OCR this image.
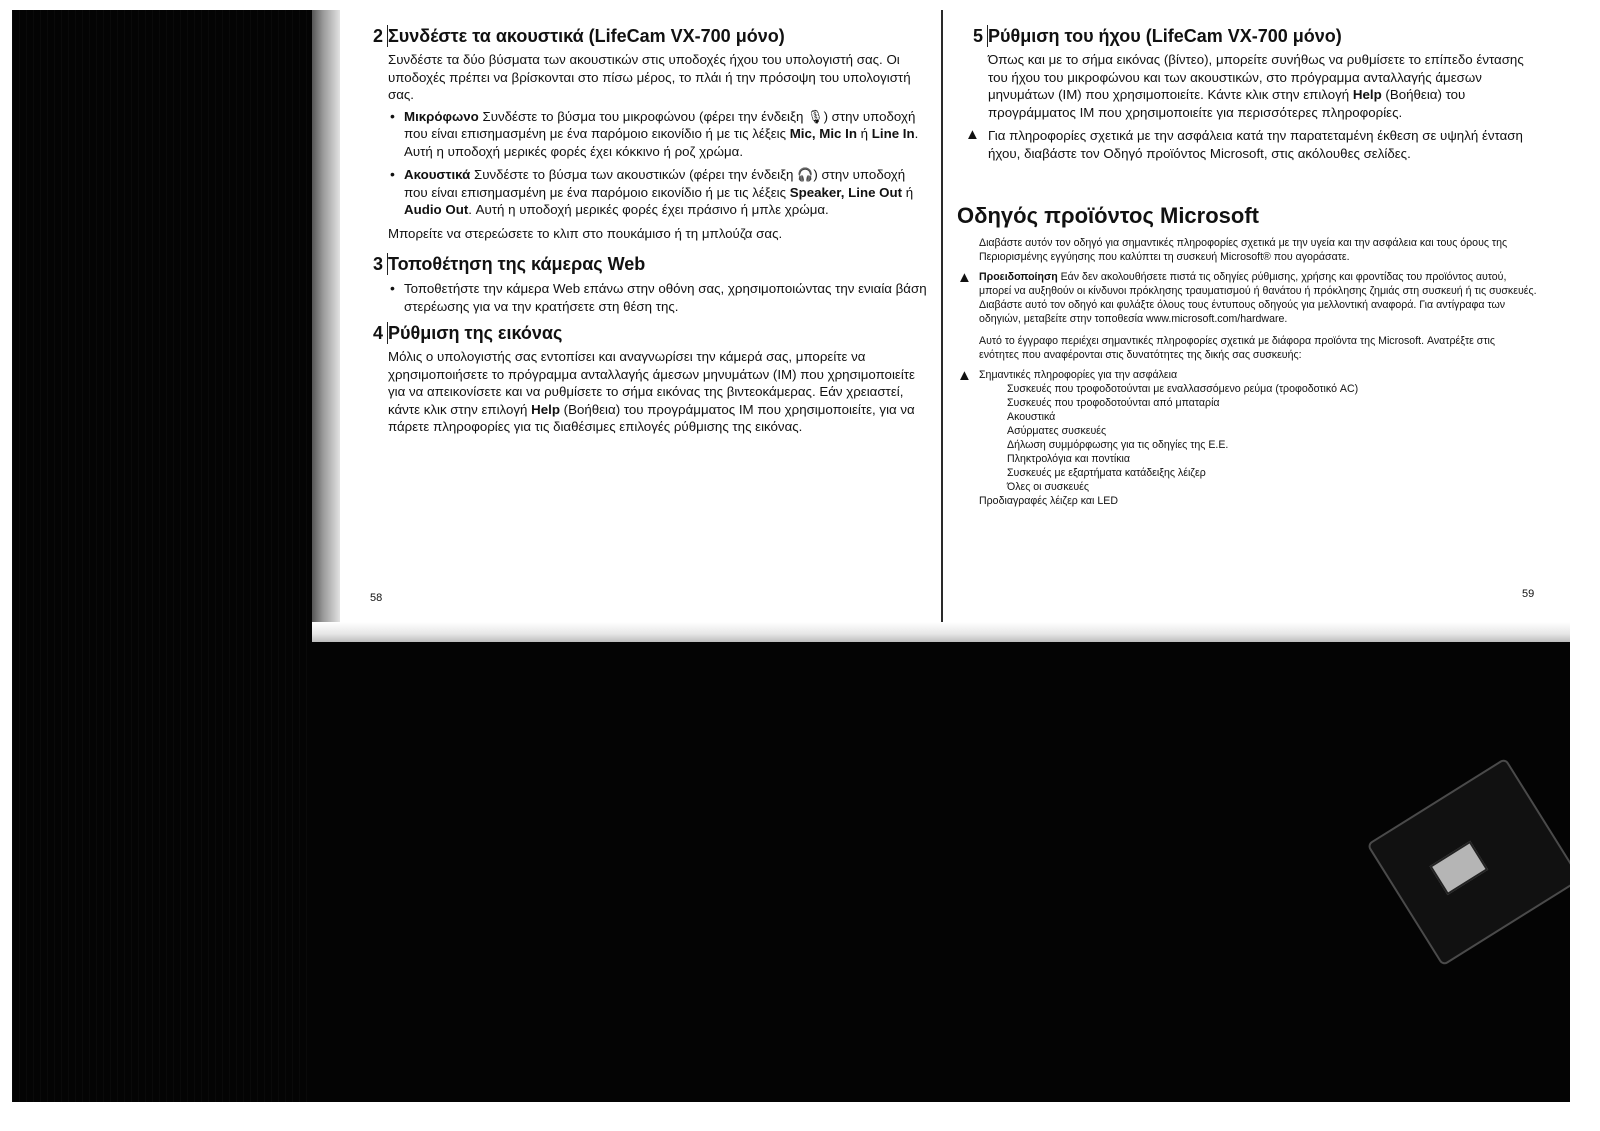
2 Συνδέστε τα ακουστικά (LifeCam VX-700 μόνο)

Συνδέστε τα δύο βύσματα των ακουστικών στις υποδοχές ήχου του υπολογιστή σας. Οι υποδοχές πρέπει να βρίσκονται στο πίσω μέρος, το πλάι ή την πρόσοψη του υπολογιστή σας.

• Μικρόφωνο Συνδέστε το βύσμα του μικροφώνου (φέρει την ένδειξη 🎙) στην υποδοχή που είναι επισημασμένη με ένα παρόμοιο εικονίδιο ή με τις λέξεις Mic, Mic In ή Line In. Αυτή η υποδοχή μερικές φορές έχει κόκκινο ή ροζ χρώμα.
• Ακουστικά Συνδέστε το βύσμα των ακουστικών (φέρει την ένδειξη 🎧) στην υποδοχή που είναι επισημασμένη με ένα παρόμοιο εικονίδιο ή με τις λέξεις Speaker, Line Out ή Audio Out. Αυτή η υποδοχή μερικές φορές έχει πράσινο ή μπλε χρώμα.

Μπορείτε να στερεώσετε το κλιπ στο πουκάμισο ή τη μπλούζα σας.

3 Τοποθέτηση της κάμερας Web
• Τοποθετήστε την κάμερα Web επάνω στην οθόνη σας, χρησιμοποιώντας την ενιαία βάση στερέωσης για να την κρατήσετε στη θέση της.
4 Ρύθμιση της εικόνας

Μόλις ο υπολογιστής σας εντοπίσει και αναγνωρίσει την κάμερά σας, μπορείτε να χρησιμοποιήσετε το πρόγραμμα ανταλλαγής άμεσων μηνυμάτων (IM) που χρησιμοποιείτε για να απεικονίσετε και να ρυθμίσετε το σήμα εικόνας της βιντεοκάμερας. Εάν χρειαστεί, κάντε κλικ στην επιλογή Help (Βοήθεια) του προγράμματος IM που χρησιμοποιείτε, για να πάρετε πληροφορίες για τις διαθέσιμες επιλογές ρύθμισης της εικόνας.

58
5 Ρύθμιση του ήχου (LifeCam VX-700 μόνο)

Όπως και με το σήμα εικόνας (βίντεο), μπορείτε συνήθως να ρυθμίσετε το επίπεδο έντασης του ήχου του μικροφώνου και των ακουστικών, στο πρόγραμμα ανταλλαγής άμεσων μηνυμάτων (IM) που χρησιμοποιείτε. Κάντε κλικ στην επιλογή Help (Βοήθεια) του προγράμματος IM που χρησιμοποιείτε για περισσότερες πληροφορίες.

▲ Για πληροφορίες σχετικά με την ασφάλεια κατά την παρατεταμένη έκθεση σε υψηλή ένταση ήχου, διαβάστε τον Οδηγό προϊόντος Microsoft, στις ακόλουθες σελίδες.

Οδηγός προϊόντος Microsoft

Διαβάστε αυτόν τον οδηγό για σημαντικές πληροφορίες σχετικά με την υγεία και την ασφάλεια και τους όρους της Περιορισμένης εγγύησης που καλύπτει τη συσκευή Microsoft® που αγοράσατε.

▲ Προειδοποίηση Εάν δεν ακολουθήσετε πιστά τις οδηγίες ρύθμισης, χρήσης και φροντίδας του προϊόντος αυτού, μπορεί να αυξηθούν οι κίνδυνοι πρόκλησης τραυματισμού ή θανάτου ή πρόκλησης ζημιάς στη συσκευή ή τις συσκευές. Διαβάστε αυτό τον οδηγό και φυλάξτε όλους τους έντυπους οδηγούς για μελλοντική αναφορά. Για αντίγραφα των οδηγιών, μεταβείτε στην τοποθεσία www.microsoft.com/hardware.

Αυτό το έγγραφο περιέχει σημαντικές πληροφορίες σχετικά με διάφορα προϊόντα της Microsoft. Ανατρέξτε στις ενότητες που αναφέρονται στις δυνατότητες της δικής σας συσκευής:

▲ Σημαντικές πληροφορίες για την ασφάλεια

Συσκευές που τροφοδοτούνται με εναλλασσόμενο ρεύμα (τροφοδοτικό AC)

Συσκευές που τροφοδοτούνται από μπαταρία

Ακουστικά

Ασύρματες συσκευές

Δήλωση συμμόρφωσης για τις οδηγίες της Ε.Ε.

Πληκτρολόγια και ποντίκια

Συσκευές με εξαρτήματα κατάδειξης λέιζερ

Όλες οι συσκευές

Προδιαγραφές λέιζερ και LED

59
